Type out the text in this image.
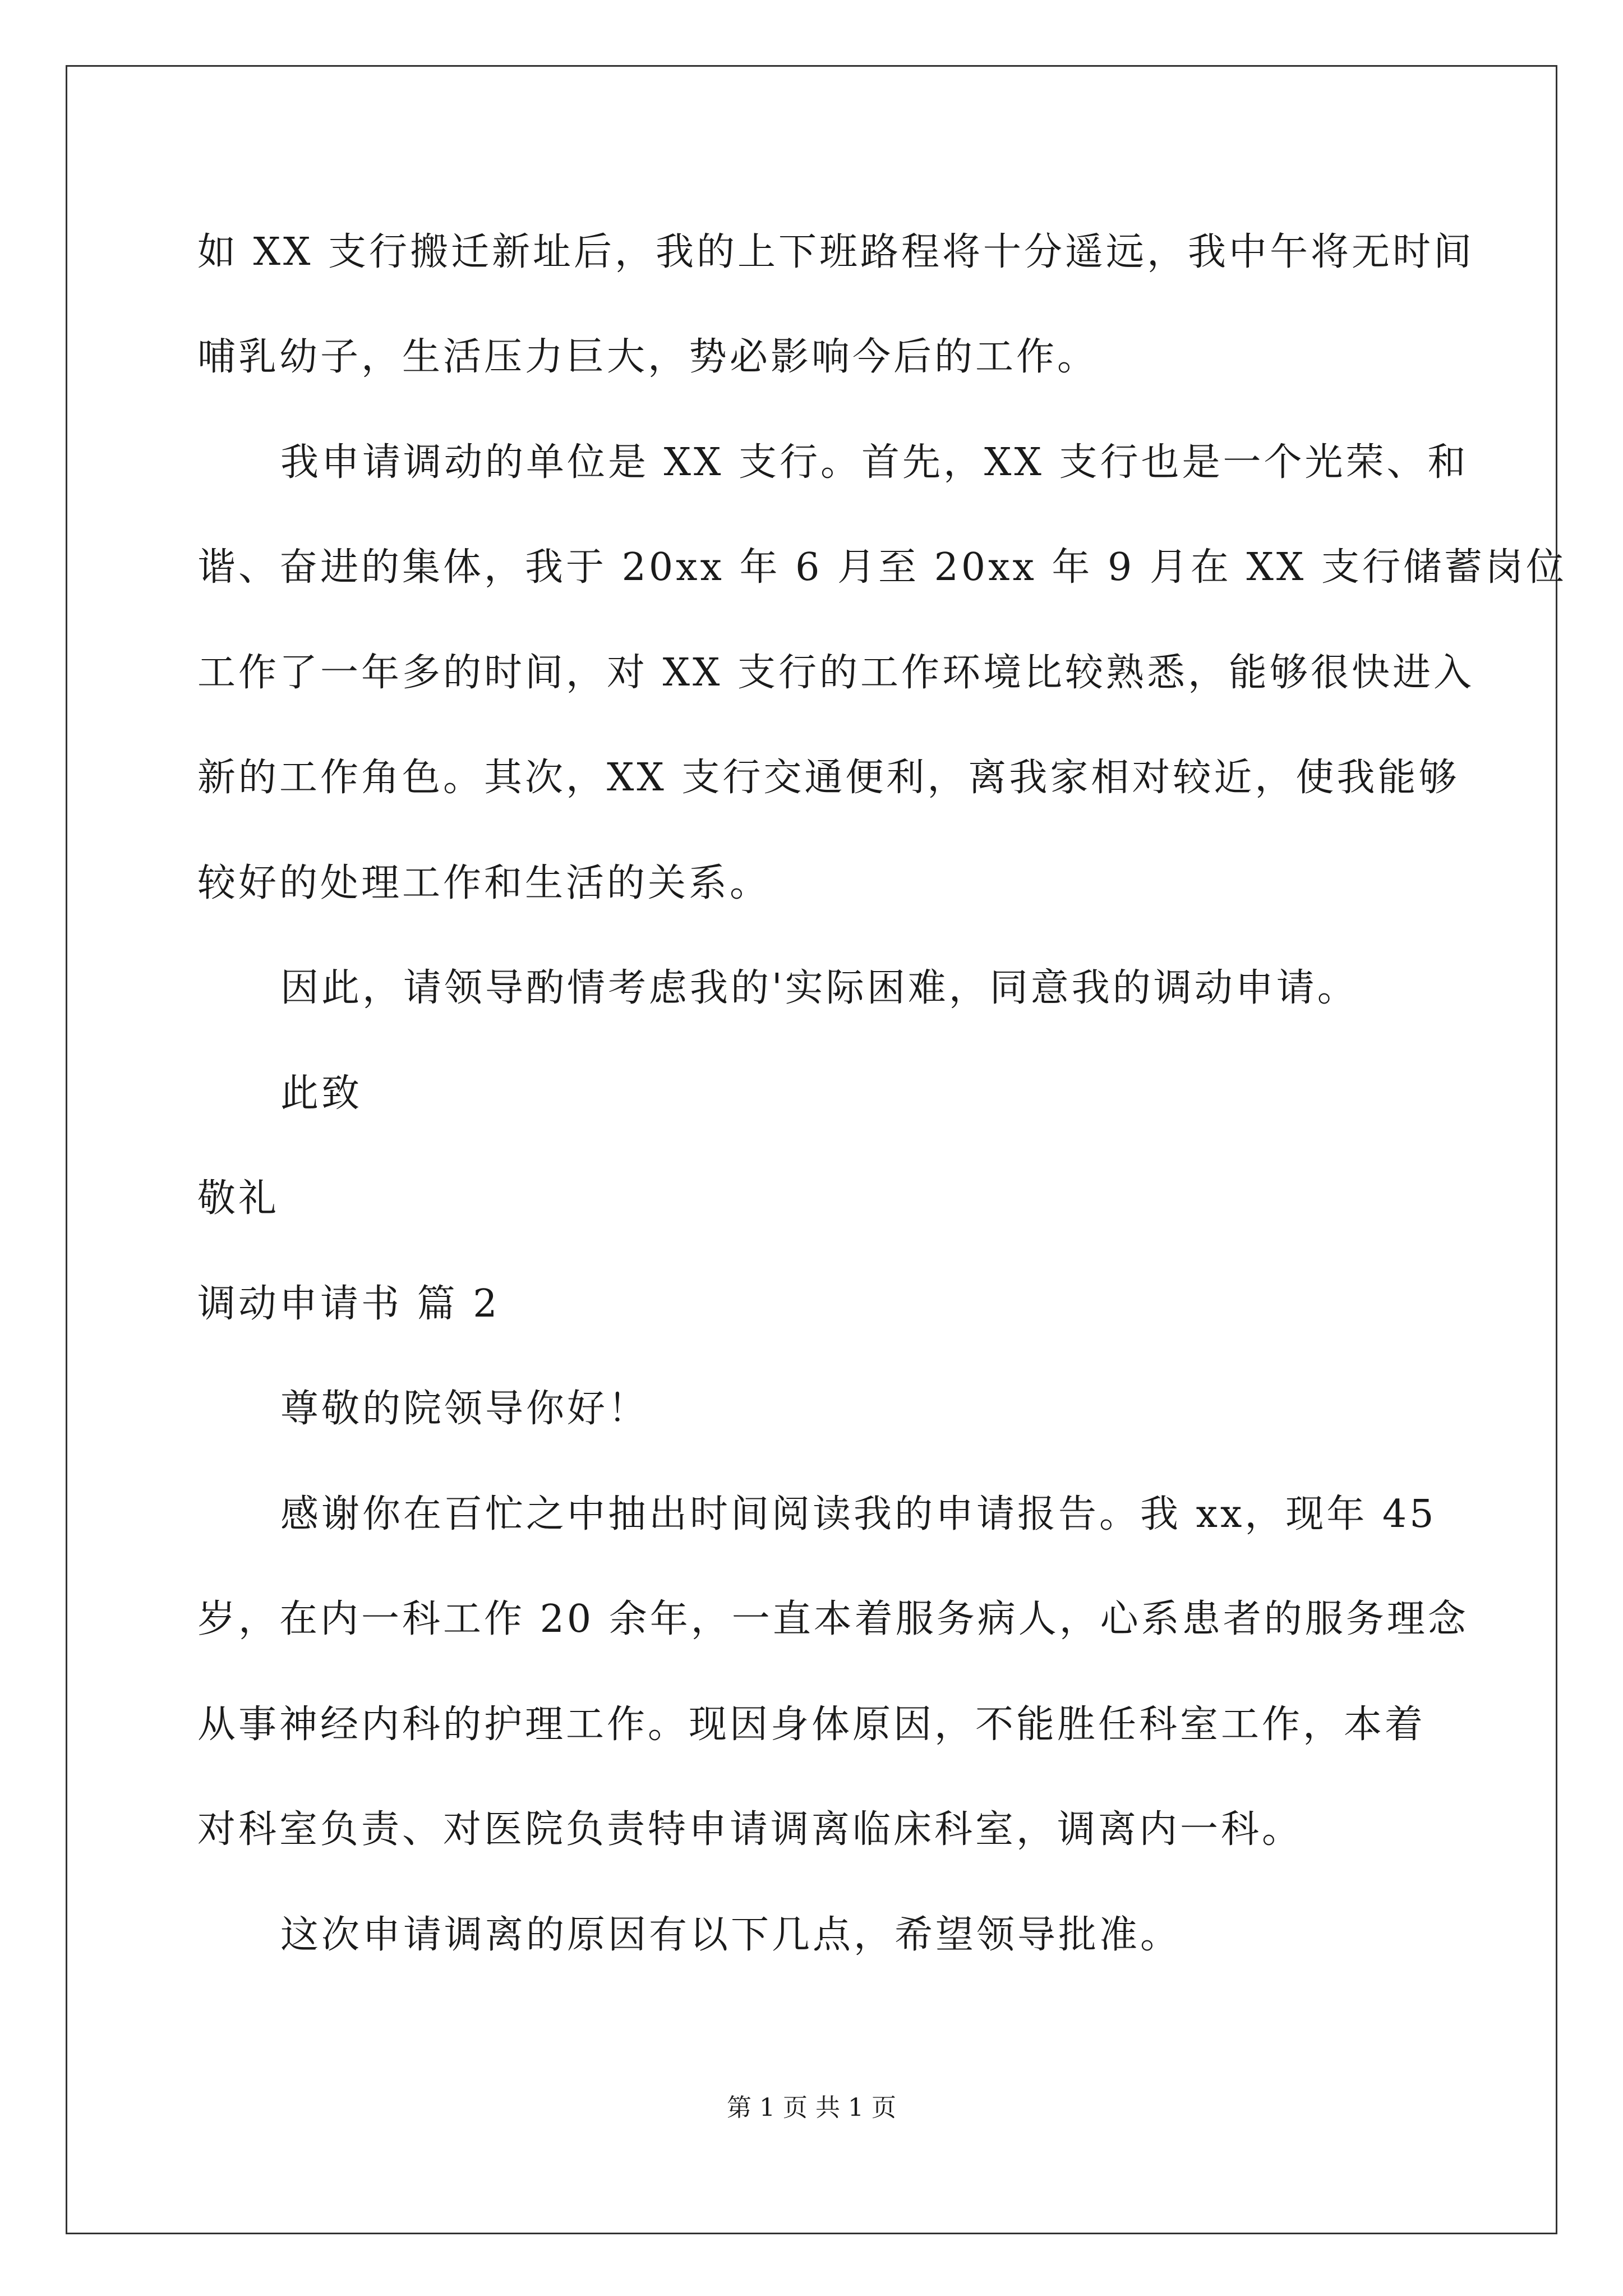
如 XX 支行搬迁新址后，我的上下班路程将十分遥远，我中午将无时间
哺乳幼子，生活压力巨大，势必影响今后的工作。
我申请调动的单位是 XX 支行。首先，XX 支行也是一个光荣、和
谐、奋进的集体，我于 20xx 年 6 月至 20xx 年 9 月在 XX 支行储蓄岗位
工作了一年多的时间，对 XX 支行的工作环境比较熟悉，能够很快进入
新的工作角色。其次，XX 支行交通便利，离我家相对较近，使我能够
较好的处理工作和生活的关系。
因此，请领导酌情考虑我的'实际困难，同意我的调动申请。
此致
敬礼
调动申请书 篇 2
尊敬的院领导你好！
感谢你在百忙之中抽出时间阅读我的申请报告。我 xx，现年 45
岁，在内一科工作 20 余年，一直本着服务病人，心系患者的服务理念
从事神经内科的护理工作。现因身体原因，不能胜任科室工作，本着
对科室负责、对医院负责特申请调离临床科室，调离内一科。
这次申请调离的原因有以下几点，希望领导批准。
第 1 页 共 1 页
